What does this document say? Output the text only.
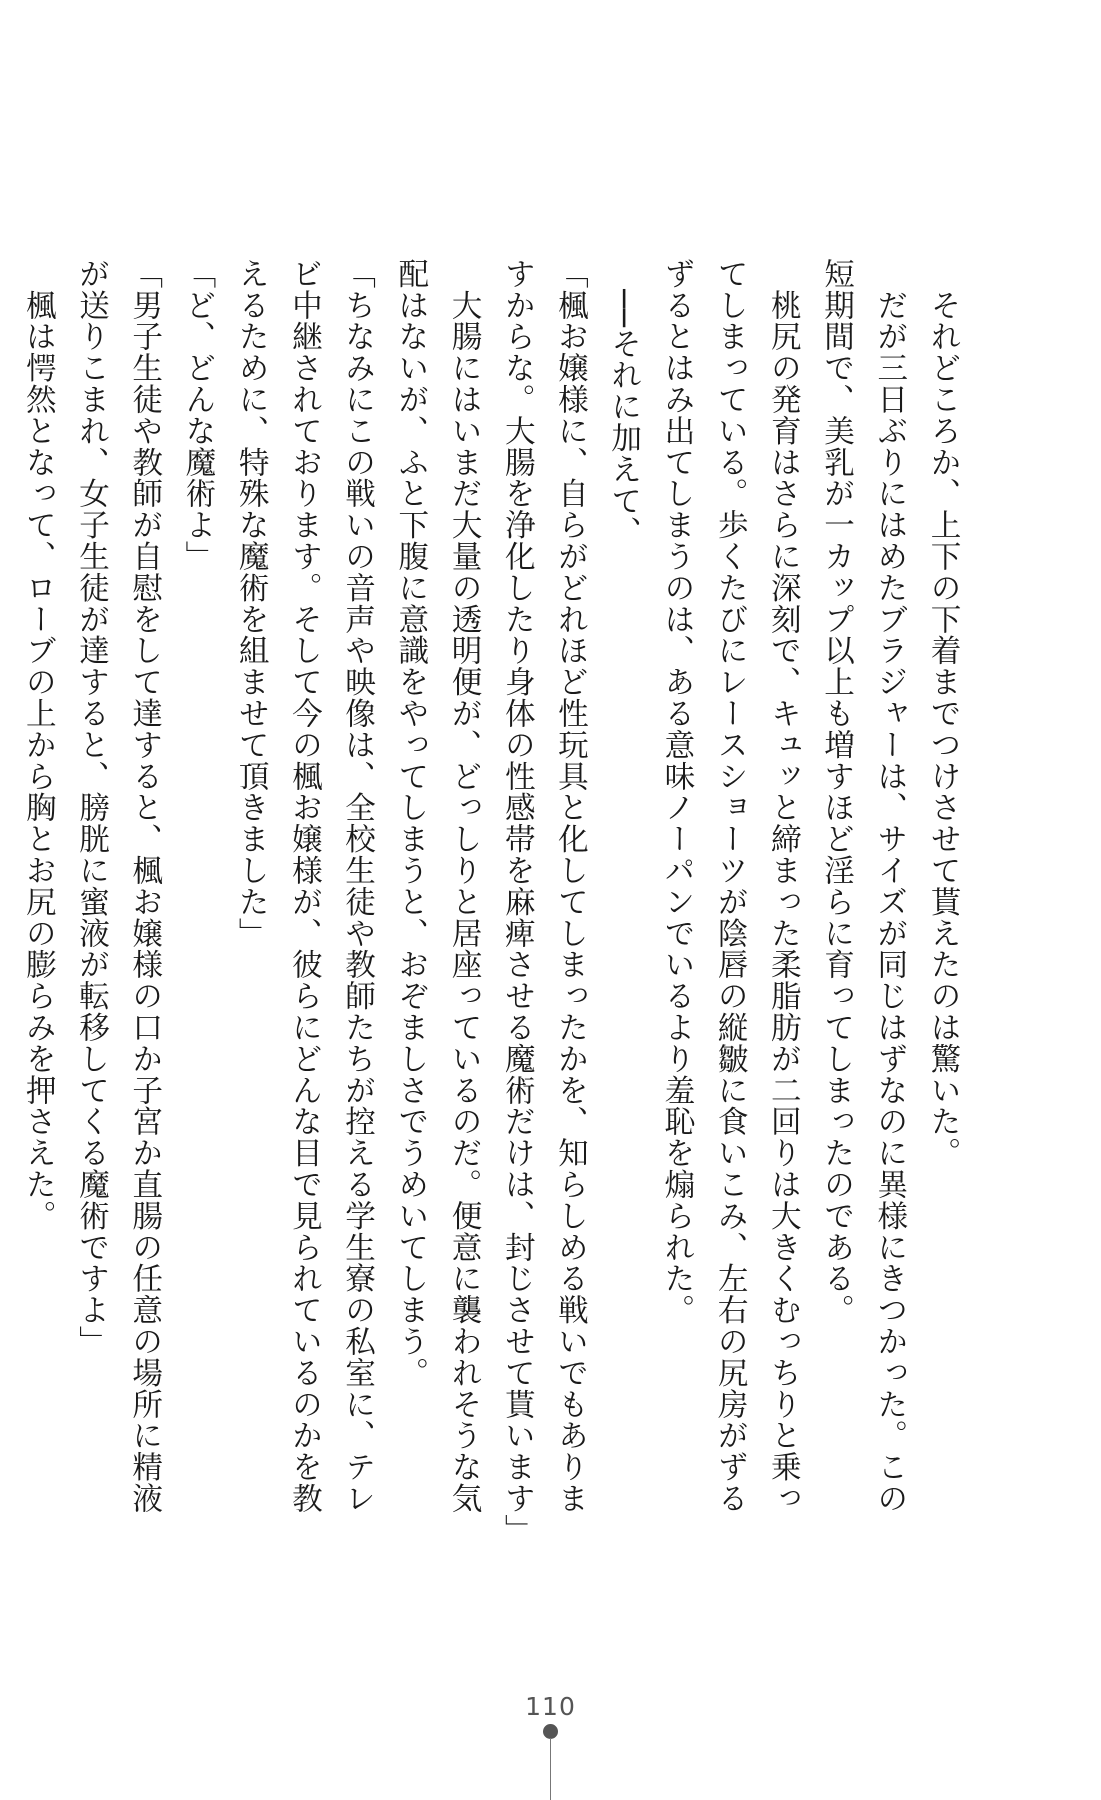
　それどころか、上下の下着までつけさせて貰えたのは驚いた。
　だが三日ぶりにはめたブラジャーは、サイズが同じはずなのに異様にきつかった。この
短期間で、美乳が一カップ以上も増すほど淫らに育ってしまったのである。
　桃尻の発育はさらに深刻で、キュッと締まった柔脂肪が二回りは大きくむっちりと乗っ
てしまっている。歩くたびにレースショーツが陰唇の縦皺に食いこみ、左右の尻房がずる
ずるとはみ出てしまうのは、ある意味ノーパンでいるより羞恥を煽られた。
　──それに加えて、
「楓お嬢様に、自らがどれほど性玩具と化してしまったかを、知らしめる戦いでもありま
すからな。大腸を浄化したり身体の性感帯を麻痺させる魔術だけは、封じさせて貰います」
　大腸にはいまだ大量の透明便が、どっしりと居座っているのだ。便意に襲われそうな気
配はないが、ふと下腹に意識をやってしまうと、おぞましさでうめいてしまう。
「ちなみにこの戦いの音声や映像は、全校生徒や教師たちが控える学生寮の私室に、テレ
ビ中継されております。そして今の楓お嬢様が、彼らにどんな目で見られているのかを教
えるために、特殊な魔術を組ませて頂きました」
「ど、どんな魔術よ」
「男子生徒や教師が自慰をして達すると、楓お嬢様の口か子宮か直腸の任意の場所に精液
が送りこまれ、女子生徒が達すると、膀胱に蜜液が転移してくる魔術ですよ」
　楓は愕然となって、ローブの上から胸とお尻の膨らみを押さえた。
110
